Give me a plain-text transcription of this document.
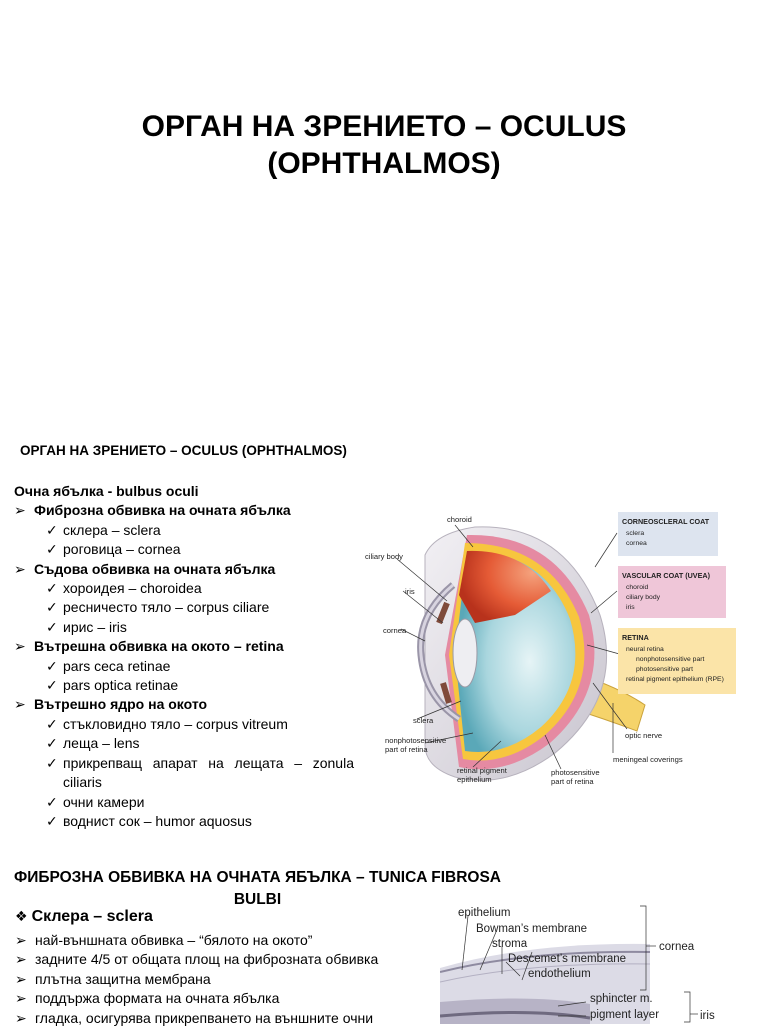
ОРГАН НА ЗРЕНИЕТО – OCULUS
(OPHTHALMOS)
ОРГАН НА ЗРЕНИЕТО – OCULUS (OPHTHALMOS)
Очна ябълка - bulbus oculi
➢ Фиброзна обвивка на очната ябълка
✓ склера – sclera
✓ роговица – cornea
➢ Съдова обвивка на очната ябълка
✓ хороидея – choroidea
✓ ресничесто тяло – corpus ciliare
✓ ирис – iris
➢ Вътрешна обвивка на окото – retina
✓ pars ceca retinae
✓ pars optica retinae
➢ Вътрешно ядро на окото
✓ стъкловидно тяло – corpus vitreum
✓ леща – lens
✓ прикрепващ апарат на лещата – zonula ciliaris
✓ очни камери
✓ воднист сок – humor aquosus
choroid
ciliary body
iris
cornea
sclera
nonphotosensitive
part of retina
retinal pigment
epithelium
photosensitive
part of retina
meningeal coverings
optic nerve
CORNEOSCLERAL COAT
sclera
cornea
VASCULAR COAT (UVEA)
choroid
ciliary body
iris
RETINA
neural retina
nonphotosensitive part
photosensitive part
retinal pigment epithelium (RPE)
ФИБРОЗНА ОБВИВКА НА ОЧНАТА ЯБЪЛКА – TUNICA FIBROSA
BULBI
❖ Склера – sclera
➢ най-външната обвивка – “бялото на окото”
➢ задните 4/5 от общата площ на фиброзната обвивка
➢ плътна защитна мембрана
➢ поддържа формата на очната ябълка
➢ гладка, осигурява прикрепването на външните очни
epithelium
Bowman’s membrane
stroma
Descemet’s membrane
endothelium
sphincter m.
pigment layer
cornea
iris
